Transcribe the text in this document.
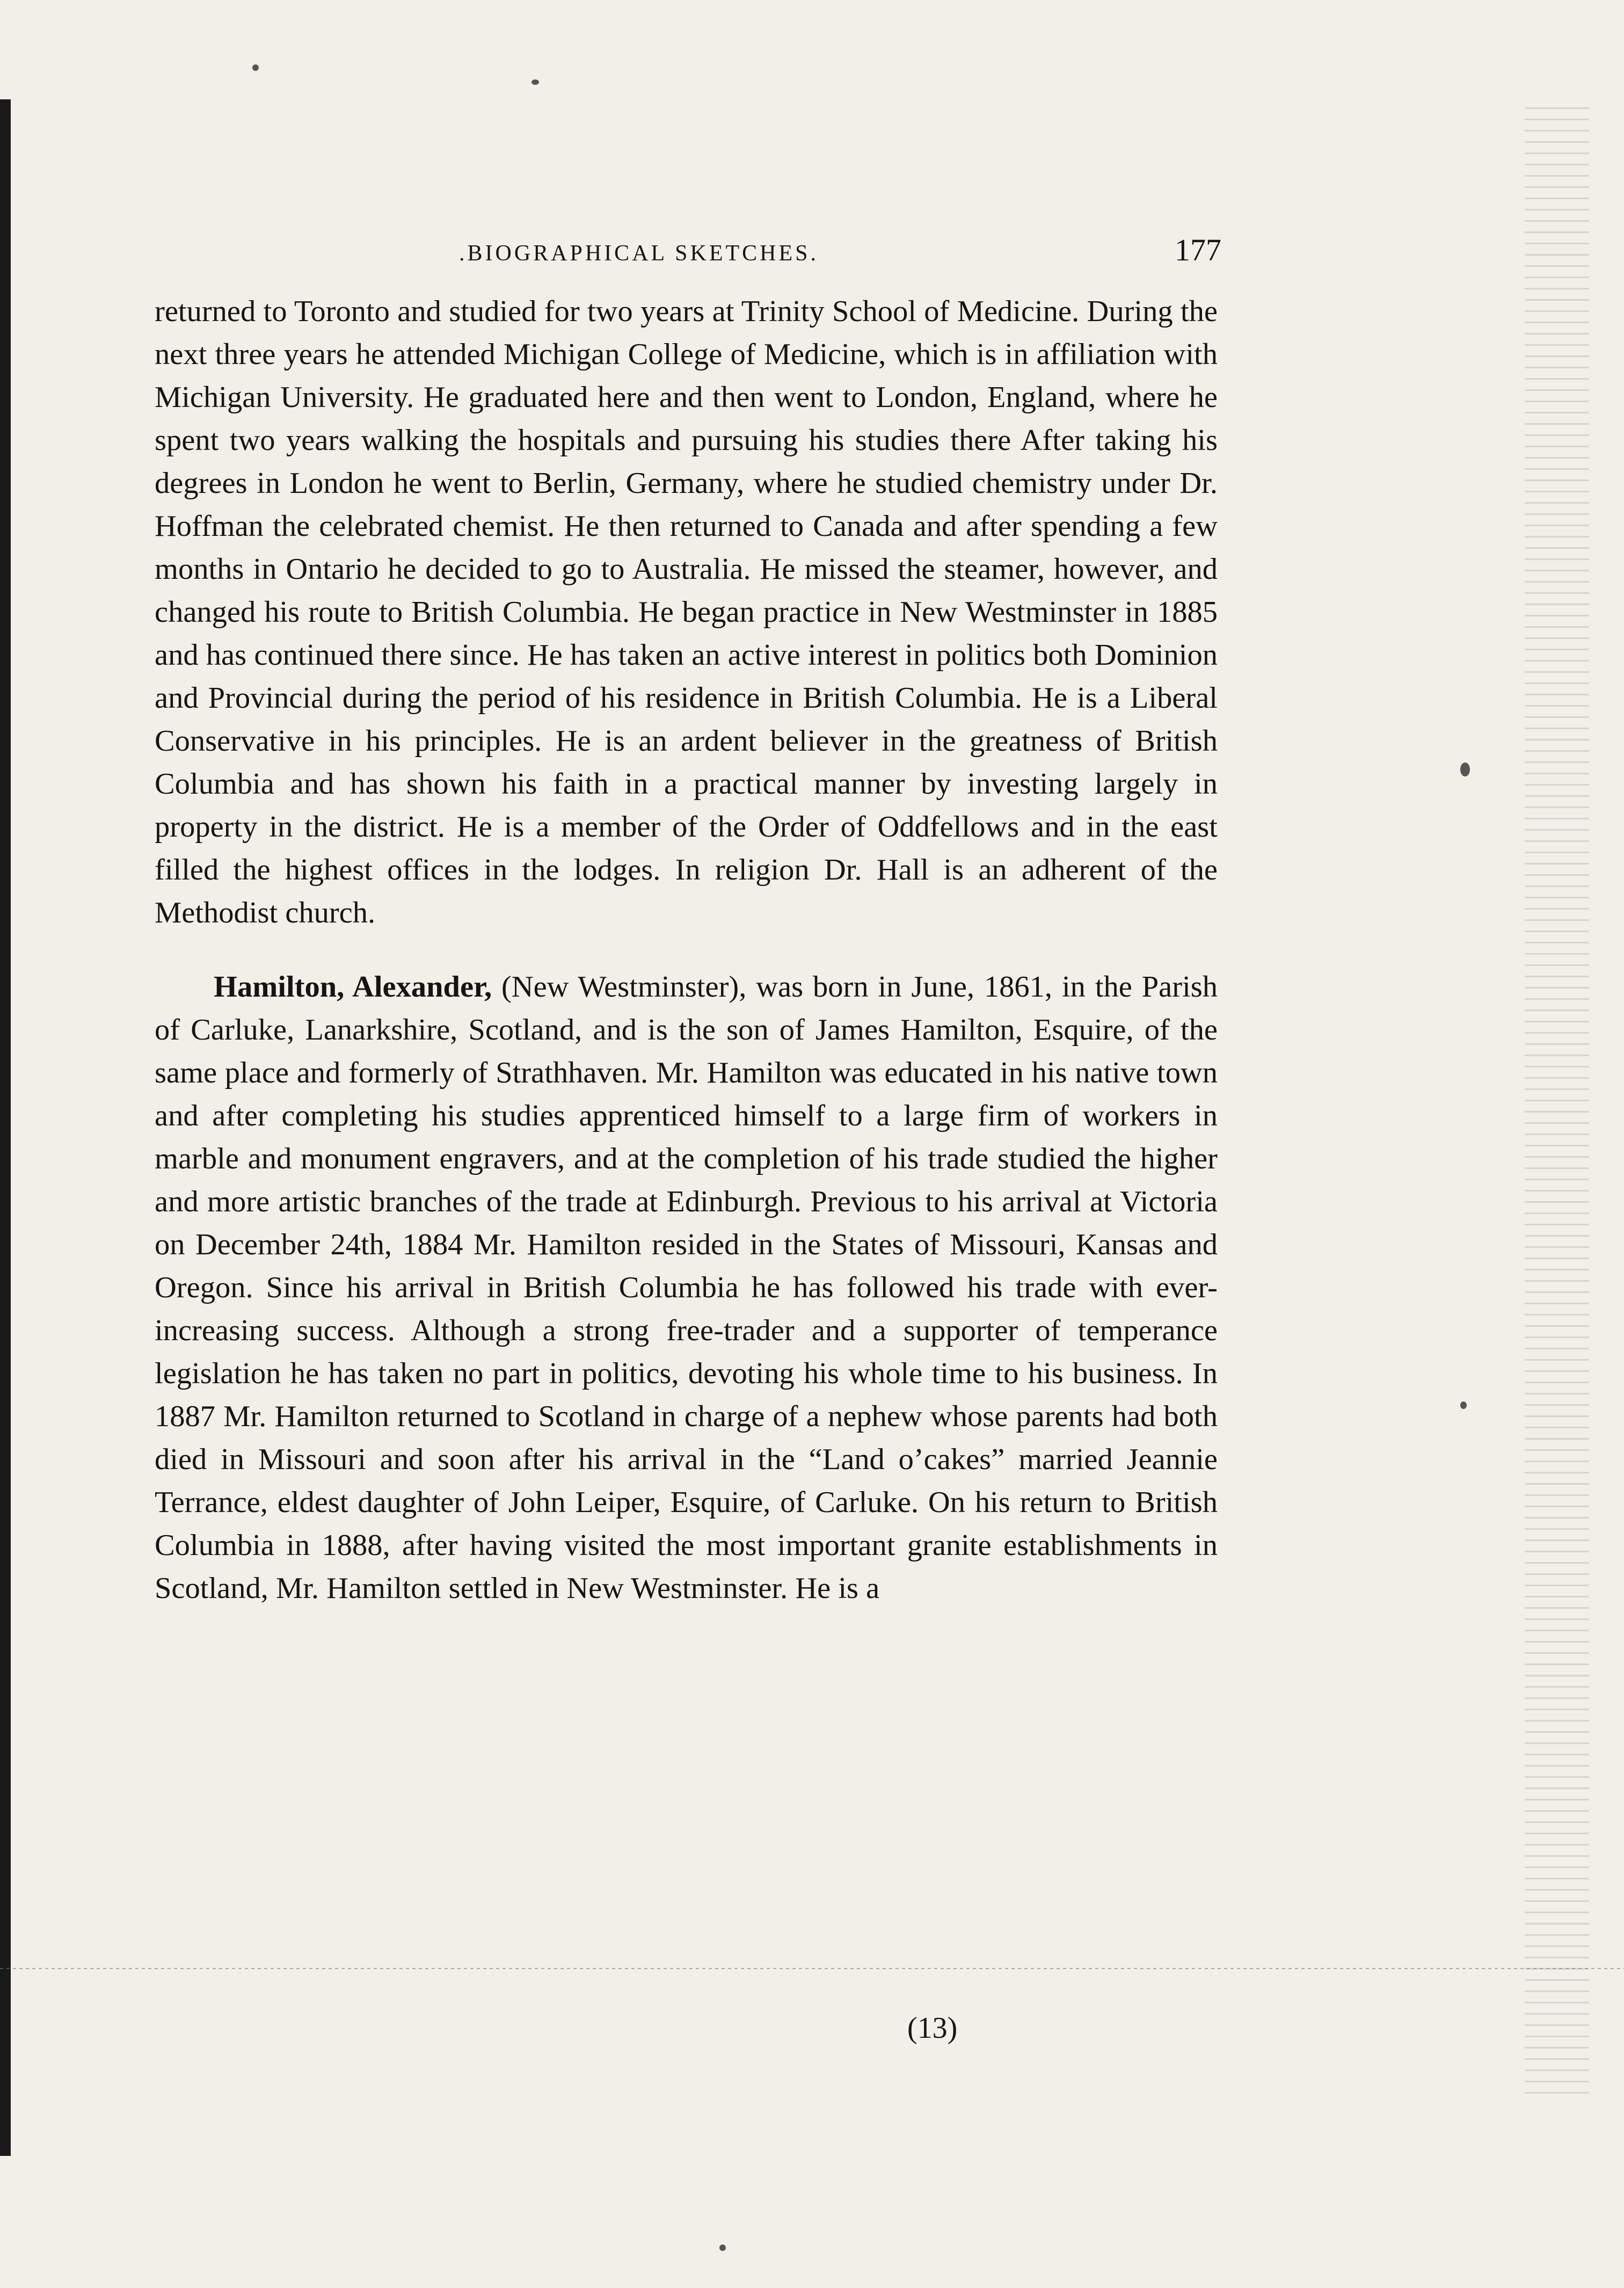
.BIOGRAPHICAL SKETCHES.	177

returned to Toronto and studied for two years at Trinity School of Medicine. During the next three years he attended Michigan College of Medicine, which is in affiliation with Michigan University. He graduated here and then went to London, England, where he spent two years walking the hospitals and pursuing his studies there After taking his degrees in London he went to Berlin, Germany, where he studied chemistry under Dr. Hoffman the celebrated chemist. He then returned to Canada and after spending a few months in Ontario he decided to go to Australia. He missed the steamer, however, and changed his route to British Columbia. He began practice in New Westminster in 1885 and has continued there since. He has taken an active interest in politics both Dominion and Provincial during the period of his residence in British Columbia. He is a Liberal Conservative in his principles. He is an ardent believer in the greatness of British Columbia and has shown his faith in a practical manner by investing largely in property in the district. He is a member of the Order of Oddfellows and in the east filled the highest offices in the lodges. In religion Dr. Hall is an adherent of the Methodist church.

Hamilton, Alexander, (New Westminster), was born in June, 1861, in the Parish of Carluke, Lanarkshire, Scotland, and is the son of James Hamilton, Esquire, of the same place and formerly of Strathhaven. Mr. Hamilton was educated in his native town and after completing his studies apprenticed himself to a large firm of workers in marble and monument engravers, and at the completion of his trade studied the higher and more artistic branches of the trade at Edinburgh. Previous to his arrival at Victoria on December 24th, 1884 Mr. Hamilton resided in the States of Missouri, Kansas and Oregon. Since his arrival in British Columbia he has followed his trade with ever-increasing success. Although a strong free-trader and a supporter of temperance legislation he has taken no part in politics, devoting his whole time to his business. In 1887 Mr. Hamilton returned to Scotland in charge of a nephew whose parents had both died in Missouri and soon after his arrival in the “Land o’cakes” married Jeannie Terrance, eldest daughter of John Leiper, Esquire, of Carluke. On his return to British Columbia in 1888, after having visited the most important granite establishments in Scotland, Mr. Hamilton settled in New Westminster. He is a

(13)
